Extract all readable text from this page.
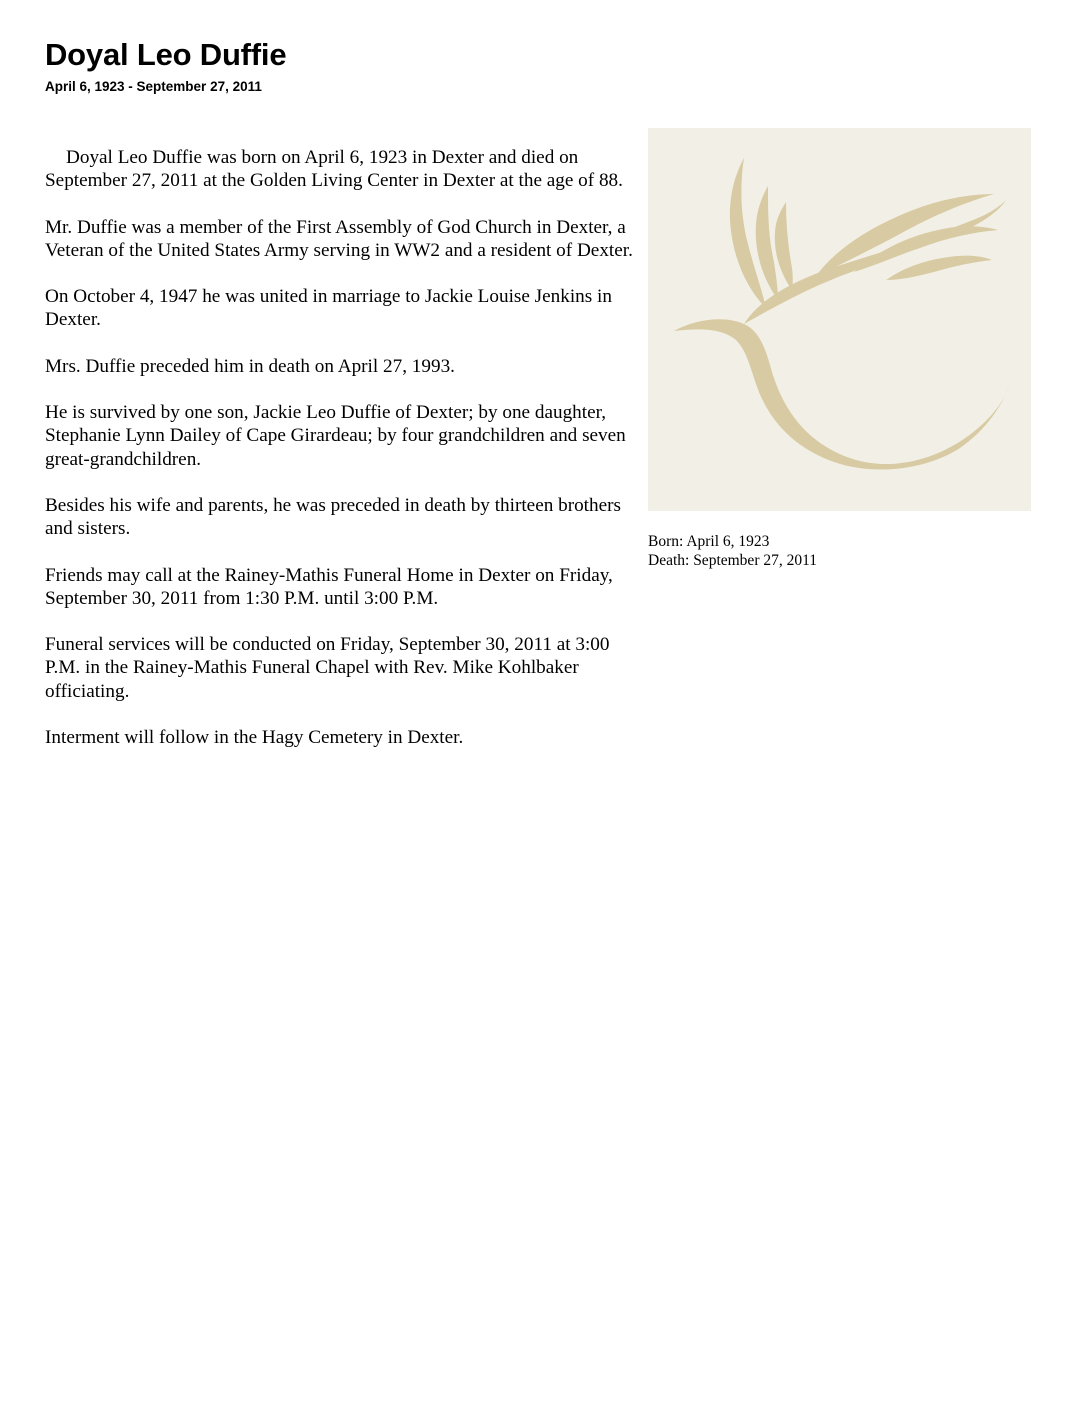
Doyal Leo Duffie
April 6, 1923 - September 27, 2011

Doyal Leo Duffie was born on April 6, 1923 in Dexter and died on September 27, 2011 at the Golden Living Center in Dexter at the age of 88.

Mr. Duffie was a member of the First Assembly of God Church in Dexter, a Veteran of the United States Army serving in WW2 and a resident of Dexter.

On October 4, 1947 he was united in marriage to Jackie Louise Jenkins in Dexter.

Mrs. Duffie preceded him in death on April 27, 1993.

He is survived by one son, Jackie Leo Duffie of Dexter; by one daughter, Stephanie Lynn Dailey of Cape Girardeau; by four grandchildren and seven great-grandchildren.

Besides his wife and parents, he was preceded in death by thirteen brothers and sisters.

Friends may call at the Rainey-Mathis Funeral Home in Dexter on Friday, September 30, 2011 from 1:30 P.M. until 3:00 P.M.

Funeral services will be conducted on Friday, September 30, 2011 at 3:00 P.M. in the Rainey-Mathis Funeral Chapel with Rev. Mike Kohlbaker officiating.

Interment will follow in the Hagy Cemetery in Dexter.

Born: April 6, 1923
Death: September 27, 2011
